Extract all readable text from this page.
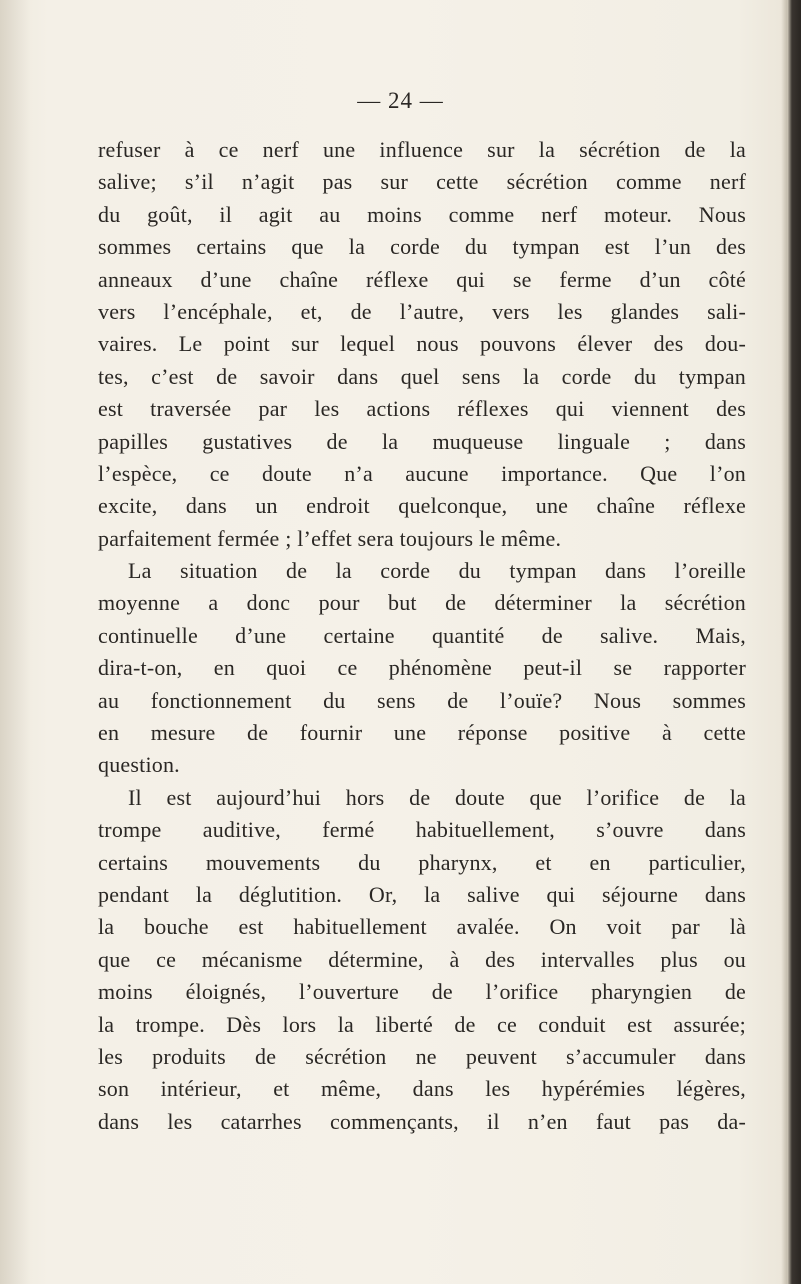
— 24 —
refuser à ce nerf une influence sur la sécrétion de la
salive; s’il n’agit pas sur cette sécrétion comme nerf
du goût, il agit au moins comme nerf moteur. Nous
sommes certains que la corde du tympan est l’un des
anneaux d’une chaîne réflexe qui se ferme d’un côté
vers l’encéphale, et, de l’autre, vers les glandes sali-
vaires. Le point sur lequel nous pouvons élever des dou-
tes, c’est de savoir dans quel sens la corde du tympan
est traversée par les actions réflexes qui viennent des
papilles gustatives de la muqueuse linguale ; dans
l’espèce, ce doute n’a aucune importance. Que l’on
excite, dans un endroit quelconque, une chaîne réflexe
parfaitement fermée ; l’effet sera toujours le même.
La situation de la corde du tympan dans l’oreille
moyenne a donc pour but de déterminer la sécrétion
continuelle d’une certaine quantité de salive. Mais,
dira-t-on, en quoi ce phénomène peut-il se rapporter
au fonctionnement du sens de l’ouïe? Nous sommes
en mesure de fournir une réponse positive à cette
question.
Il est aujourd’hui hors de doute que l’orifice de la
trompe auditive, fermé habituellement, s’ouvre dans
certains mouvements du pharynx, et en particulier,
pendant la déglutition. Or, la salive qui séjourne dans
la bouche est habituellement avalée. On voit par là
que ce mécanisme détermine, à des intervalles plus ou
moins éloignés, l’ouverture de l’orifice pharyngien de
la trompe. Dès lors la liberté de ce conduit est assurée;
les produits de sécrétion ne peuvent s’accumuler dans
son intérieur, et même, dans les hypérémies légères,
dans les catarrhes commençants, il n’en faut pas da-
